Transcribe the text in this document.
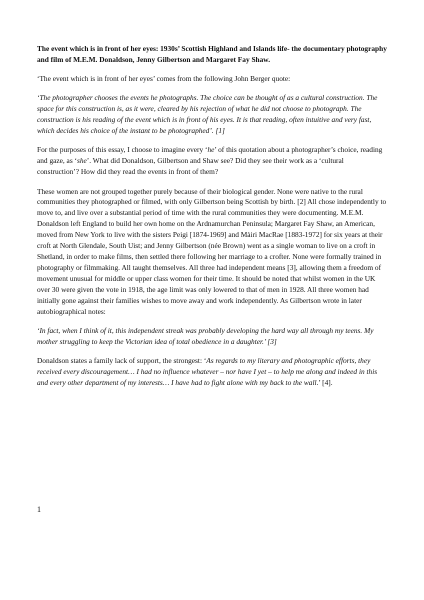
The event which is in front of her eyes: 1930s’ Scottish Highland and Islands life- the documentary photography and film of M.E.M. Donaldson, Jenny Gilbertson and Margaret Fay Shaw.

‘The event which is in front of her eyes’ comes from the following John Berger quote:

‘The photographer chooses the events he photographs. The choice can be thought of as a cultural construction. The space for this construction is, as it were, cleared by his rejection of what he did not choose to photograph. The construction is his reading of the event which is in front of his eyes. It is that reading, often intuitive and very fast, which decides his choice of the instant to be photographed’. [1]

For the purposes of this essay, I choose to imagine every ‘he’ of this quotation about a photographer’s choice, reading and gaze, as ‘she’. What did Donaldson, Gilbertson and Shaw see? Did they see their work as a ‘cultural construction’? How did they read the events in front of them?

These women are not grouped together purely because of their biological gender. None were native to the rural communities they photographed or filmed, with only Gilbertson being Scottish by birth. [2] All chose independently to move to, and live over a substantial period of time with the rural communities they were documenting. M.E.M. Donaldson left England to build her own home on the Ardnamurchan Peninsula; Margaret Fay Shaw, an American, moved from New York to live with the sisters Peigi [1874-1969] and Màiri MacRae [1883-1972] for six years at their croft at North Glendale, South Uist; and Jenny Gilbertson (née Brown) went as a single woman to live on a croft in Shetland, in order to make films, then settled there following her marriage to a crofter. None were formally trained in photography or filmmaking. All taught themselves. All three had independent means [3], allowing them a freedom of movement unusual for middle or upper class women for their time. It should be noted that whilst women in the UK over 30 were given the vote in 1918, the age limit was only lowered to that of men in 1928. All three women had initially gone against their families wishes to move away and work independently. As Gilbertson wrote in later autobiographical notes:

‘In fact, when I think of it, this independent streak was probably developing the hard way all through my teens. My mother struggling to keep the Victorian idea of total obedience in a daughter.’ [3]

Donaldson states a family lack of support, the strongest: ‘As regards to my literary and photographic efforts, they received every discouragement… I had no influence whatever – nor have I yet – to help me along and indeed in this and every other department of my interests… I have had to fight alone with my back to the wall.’ [4].

1
